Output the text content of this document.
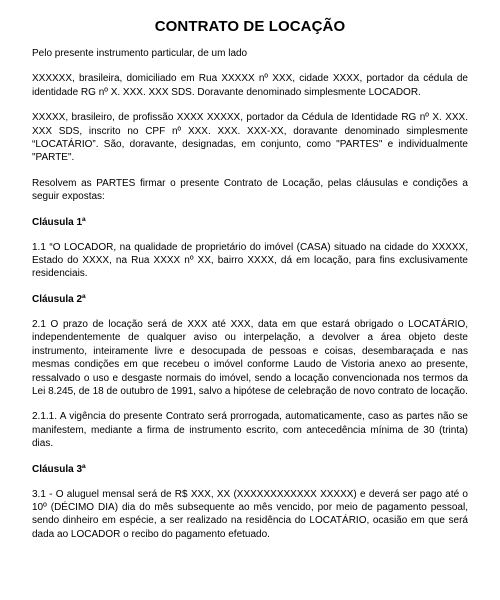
CONTRATO DE LOCAÇÃO

Pelo presente instrumento particular, de um lado

XXXXXX, brasileira, domiciliado em Rua XXXXX nº XXX, cidade XXXX, portador da cédula de identidade RG nº X. XXX. XXX SDS. Doravante denominado simplesmente LOCADOR.

XXXXX, brasileiro, de profissão XXXX XXXXX, portador da Cédula de Identidade RG nº X. XXX. XXX SDS, inscrito no CPF nº XXX. XXX. XXX-XX, doravante denominado simplesmente “LOCATÁRIO”. São, doravante, designadas, em conjunto, como "PARTES" e individualmente "PARTE".

Resolvem as PARTES firmar o presente Contrato de Locação, pelas cláusulas e condições a seguir expostas:

Cláusula 1ª

1.1 “O LOCADOR, na qualidade de proprietário do imóvel (CASA) situado na cidade do XXXXX, Estado do XXXX, na Rua XXXX nº XX, bairro XXXX, dá em locação, para fins exclusivamente residenciais.

Cláusula 2ª

2.1 O prazo de locação será de XXX até XXX, data em que estará obrigado o LOCATÁRIO, independentemente de qualquer aviso ou interpelação, a devolver a área objeto deste instrumento, inteiramente livre e desocupada de pessoas e coisas, desembaraçada e nas mesmas condições em que recebeu o imóvel conforme Laudo de Vistoria anexo ao presente, ressalvado o uso e desgaste normais do imóvel, sendo a locação convencionada nos termos da Lei 8.245, de 18 de outubro de 1991, salvo a hipótese de celebração de novo contrato de locação.

2.1.1. A vigência do presente Contrato será prorrogada, automaticamente, caso as partes não se manifestem, mediante a firma de instrumento escrito, com antecedência mínima de 30 (trinta) dias.

Cláusula 3ª

3.1 - O aluguel mensal será de R$ XXX, XX (XXXXXXXXXXXX XXXXX) e deverá ser pago até o 10º (DÉCIMO DIA) dia do mês subsequente ao mês vencido, por meio de pagamento pessoal, sendo dinheiro em espécie, a ser realizado na residência do LOCATÁRIO, ocasião em que será dada ao LOCADOR o recibo do pagamento efetuado.
